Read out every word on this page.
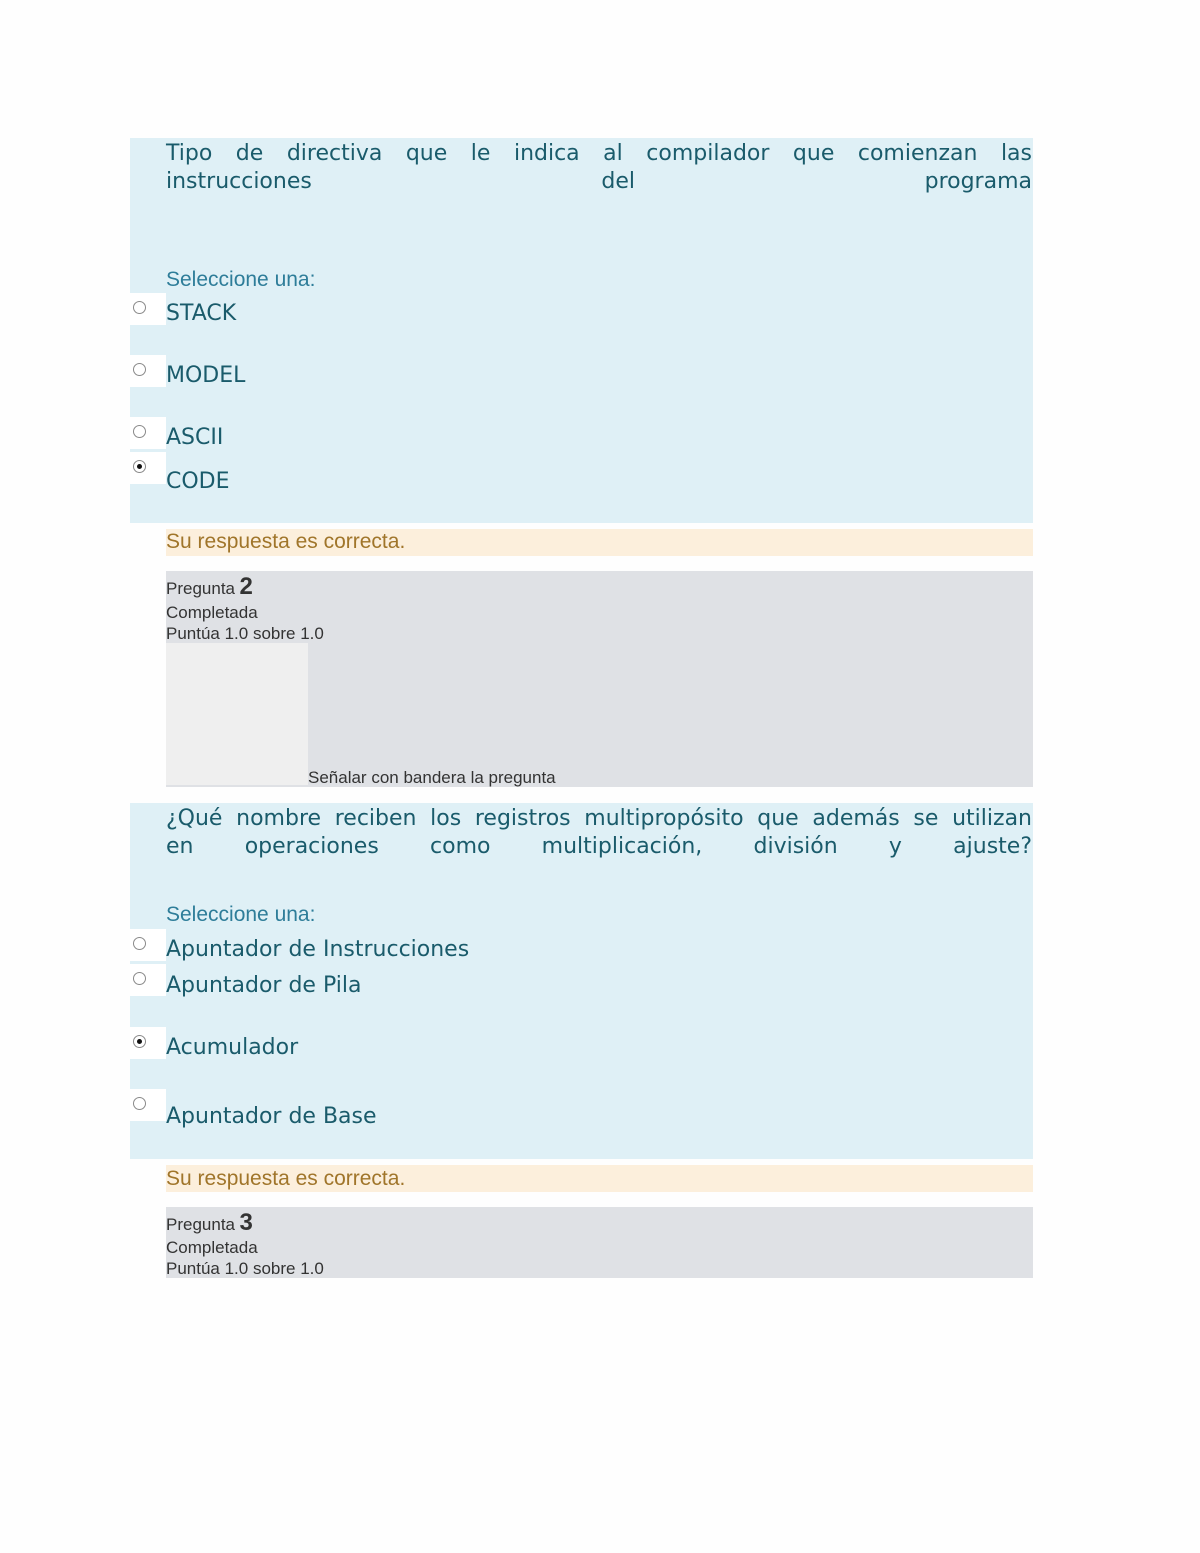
Tipo de directiva que le indica al compilador que comienzan las
instrucciones del programa
Seleccione una:
STACK
MODEL
ASCII
CODE
Su respuesta es correcta.
Pregunta 2
Completada
Puntúa 1.0 sobre 1.0
Señalar con bandera la pregunta
¿Qué nombre reciben los registros multipropósito que además se utilizan
en operaciones como multiplicación, división y ajuste?
Seleccione una:
Apuntador de Instrucciones
Apuntador de Pila
Acumulador
Apuntador de Base
Su respuesta es correcta.
Pregunta 3
Completada
Puntúa 1.0 sobre 1.0
